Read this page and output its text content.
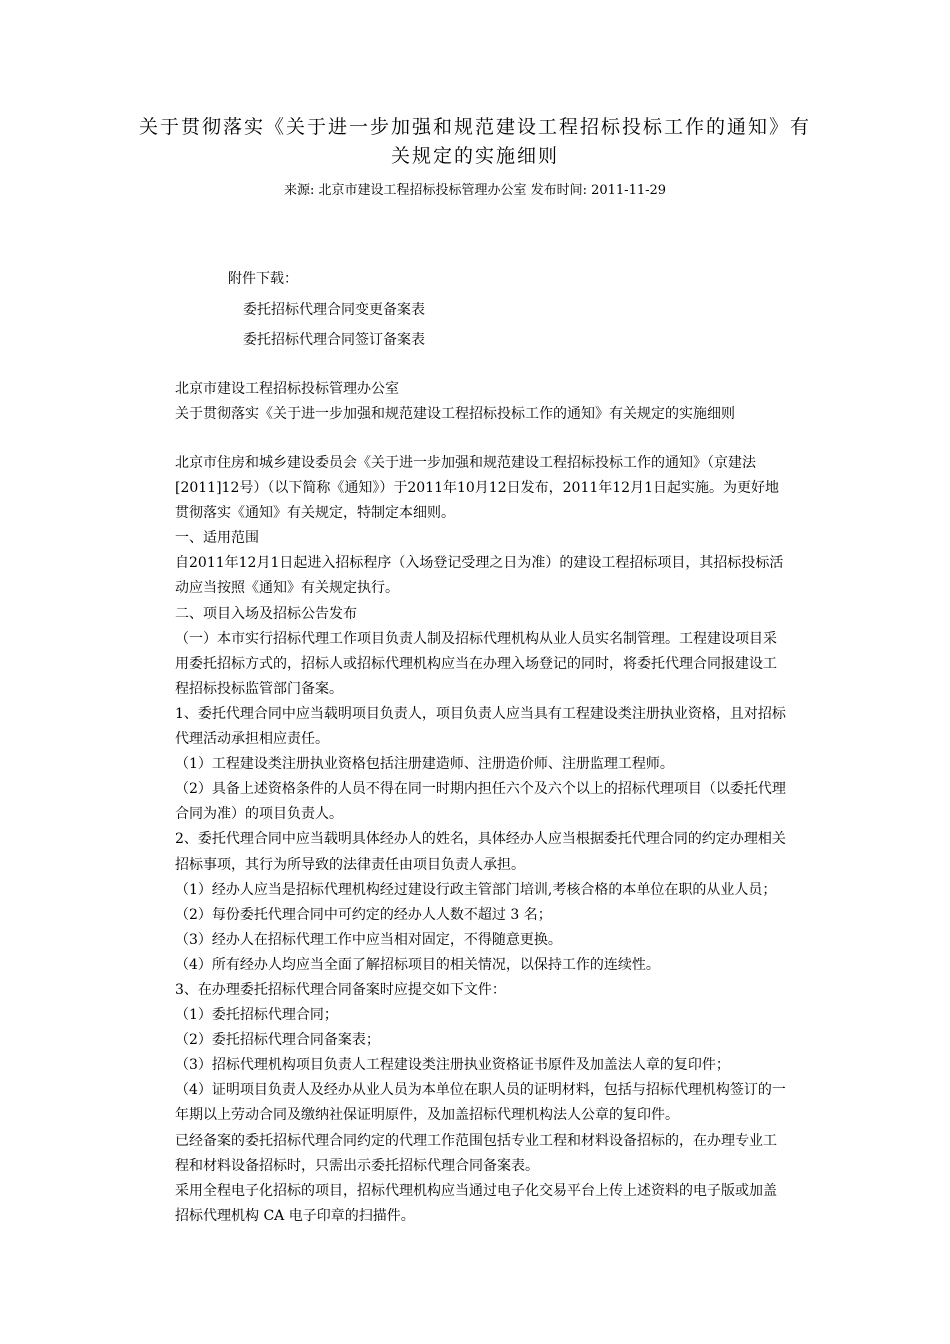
关于贯彻落实《关于进一步加强和规范建设工程招标投标工作的通知》有
关规定的实施细则
来源: 北京市建设工程招标投标管理办公室 发布时间: 2011-11-29
附件下载：
委托招标代理合同变更备案表
委托招标代理合同签订备案表
北京市建设工程招标投标管理办公室
关于贯彻落实《关于进一步加强和规范建设工程招标投标工作的通知》有关规定的实施细则

北京市住房和城乡建设委员会《关于进一步加强和规范建设工程招标投标工作的通知》（京建法[2011]12号）（以下简称《通知》）于2011年10月12日发布，2011年12月1日起实施。为更好地贯彻落实《通知》有关规定，特制定本细则。

一、适用范围

自2011年12月1日起进入招标程序（入场登记受理之日为准）的建设工程招标项目，其招标投标活动应当按照《通知》有关规定执行。

二、项目入场及招标公告发布

（一）本市实行招标代理工作项目负责人制及招标代理机构从业人员实名制管理。工程建设项目采用委托招标方式的，招标人或招标代理机构应当在办理入场登记的同时，将委托代理合同报建设工程招标投标监管部门备案。

1、委托代理合同中应当载明项目负责人，项目负责人应当具有工程建设类注册执业资格，且对招标代理活动承担相应责任。

（1）工程建设类注册执业资格包括注册建造师、注册造价师、注册监理工程师。

（2）具备上述资格条件的人员不得在同一时期内担任六个及六个以上的招标代理项目（以委托代理合同为准）的项目负责人。

2、委托代理合同中应当载明具体经办人的姓名，具体经办人应当根据委托代理合同的约定办理相关招标事项，其行为所导致的法律责任由项目负责人承担。

（1）经办人应当是招标代理机构经过建设行政主管部门培训,考核合格的本单位在职的从业人员；

（2）每份委托代理合同中可约定的经办人人数不超过 3 名；

（3）经办人在招标代理工作中应当相对固定，不得随意更换。

（4）所有经办人均应当全面了解招标项目的相关情况，以保持工作的连续性。

3、在办理委托招标代理合同备案时应提交如下文件：

（1）委托招标代理合同；

（2）委托招标代理合同备案表；

（3）招标代理机构项目负责人工程建设类注册执业资格证书原件及加盖法人章的复印件；

（4）证明项目负责人及经办从业人员为本单位在职人员的证明材料，包括与招标代理机构签订的一年期以上劳动合同及缴纳社保证明原件，及加盖招标代理机构法人公章的复印件。

已经备案的委托招标代理合同约定的代理工作范围包括专业工程和材料设备招标的，在办理专业工程和材料设备招标时，只需出示委托招标代理合同备案表。

采用全程电子化招标的项目，招标代理机构应当通过电子化交易平台上传上述资料的电子版或加盖招标代理机构 CA 电子印章的扫描件。
